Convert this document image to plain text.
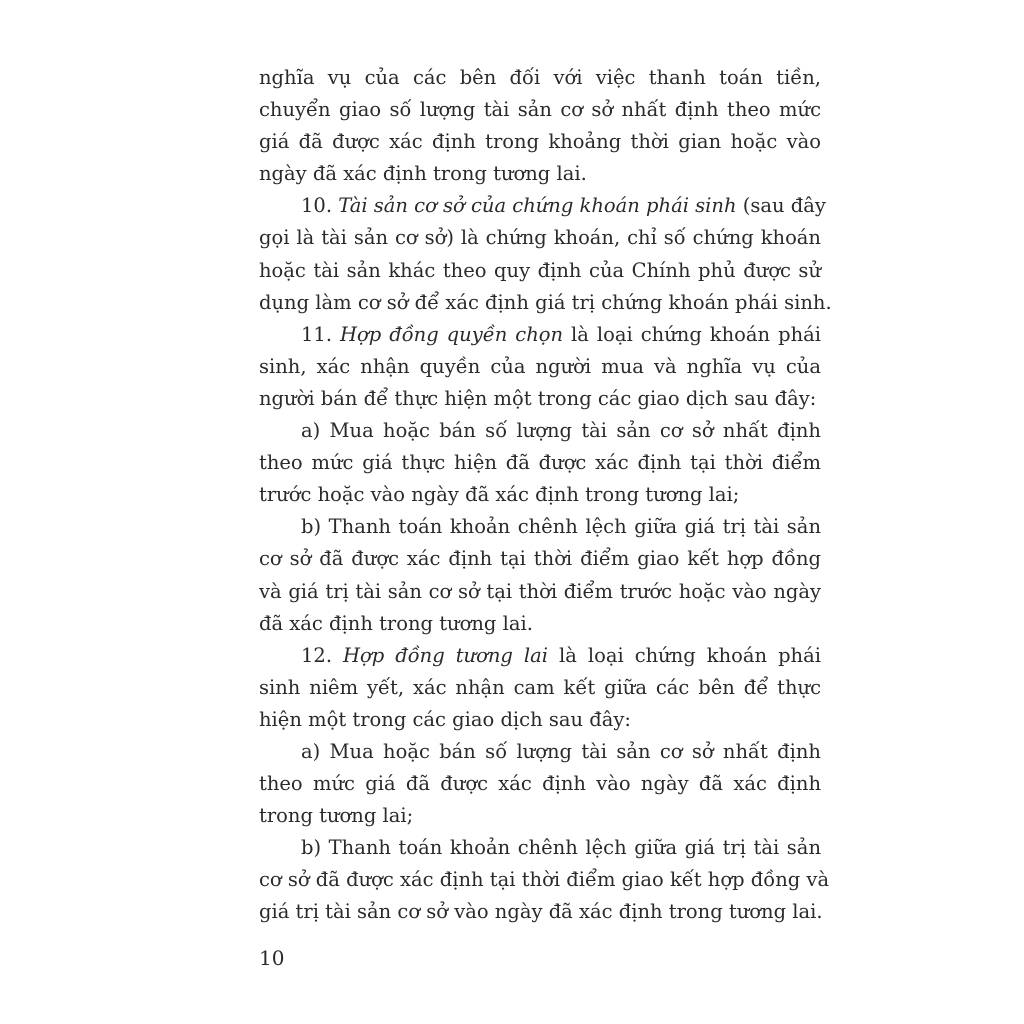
nghĩa vụ của các bên đối với việc thanh toán tiền,
chuyển giao số lượng tài sản cơ sở nhất định theo mức
giá đã được xác định trong khoảng thời gian hoặc vào
ngày đã xác định trong tương lai.
10. Tài sản cơ sở của chứng khoán phái sinh (sau đây
gọi là tài sản cơ sở) là chứng khoán, chỉ số chứng khoán
hoặc tài sản khác theo quy định của Chính phủ được sử
dụng làm cơ sở để xác định giá trị chứng khoán phái sinh.
11. Hợp đồng quyền chọn là loại chứng khoán phái
sinh, xác nhận quyền của người mua và nghĩa vụ của
người bán để thực hiện một trong các giao dịch sau đây:
a) Mua hoặc bán số lượng tài sản cơ sở nhất định
theo mức giá thực hiện đã được xác định tại thời điểm
trước hoặc vào ngày đã xác định trong tương lai;
b) Thanh toán khoản chênh lệch giữa giá trị tài sản
cơ sở đã được xác định tại thời điểm giao kết hợp đồng
và giá trị tài sản cơ sở tại thời điểm trước hoặc vào ngày
đã xác định trong tương lai.
12. Hợp đồng tương lai là loại chứng khoán phái
sinh niêm yết, xác nhận cam kết giữa các bên để thực
hiện một trong các giao dịch sau đây:
a) Mua hoặc bán số lượng tài sản cơ sở nhất định
theo mức giá đã được xác định vào ngày đã xác định
trong tương lai;
b) Thanh toán khoản chênh lệch giữa giá trị tài sản
cơ sở đã được xác định tại thời điểm giao kết hợp đồng và
giá trị tài sản cơ sở vào ngày đã xác định trong tương lai.
10
